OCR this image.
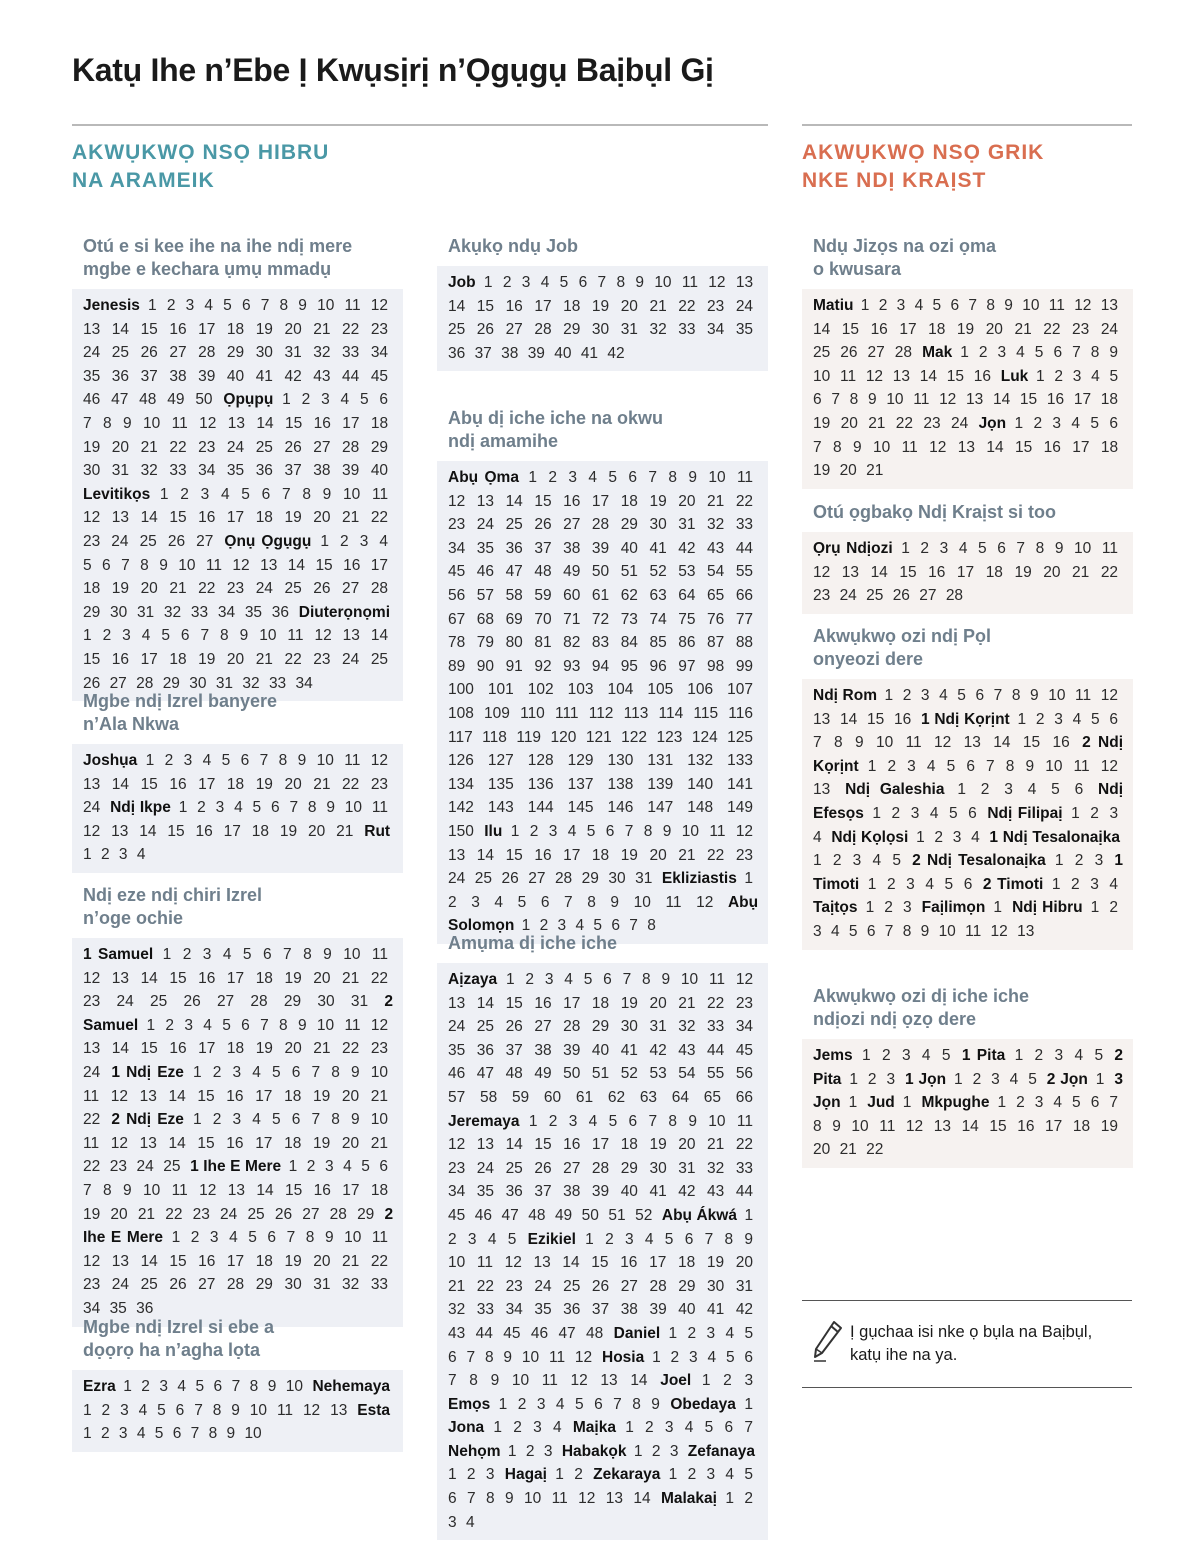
Katụ Ihe n’Ebe Ị Kwụsịrị n’Ọgụgụ Baịbụl Gị
AKWỤKWỌ NSỌ HIBRU
NA ARAMEIK
AKWỤKWỌ NSỌ GRIK
NKE NDỊ KRAỊST
Otú e si kee ihe na ihe ndị mere
mgbe e kechara ụmụ mmadụ
Jenesis 1 2 3 4 5 6 7 8 9 10 11 12 13 14 15 16 17 18 19 20 21 22 23 24 25 26 27 28 29 30 31 32 33 34 35 36 37 38 39 40 41 42 43 44 45 46 47 48 49 50 Ọpụpụ 1 2 3 4 5 6 7 8 9 10 11 12 13 14 15 16 17 18 19 20 21 22 23 24 25 26 27 28 29 30 31 32 33 34 35 36 37 38 39 40 Levitikọs 1 2 3 4 5 6 7 8 9 10 11 12 13 14 15 16 17 18 19 20 21 22 23 24 25 26 27 Ọnụ Ọgụgụ 1 2 3 4 5 6 7 8 9 10 11 12 13 14 15 16 17 18 19 20 21 22 23 24 25 26 27 28 29 30 31 32 33 34 35 36 Diuterọnọmi 1 2 3 4 5 6 7 8 9 10 11 12 13 14 15 16 17 18 19 20 21 22 23 24 25 26 27 28 29 30 31 32 33 34
Mgbe ndị Izrel banyere
n’Ala Nkwa
Joshụa 1 2 3 4 5 6 7 8 9 10 11 12 13 14 15 16 17 18 19 20 21 22 23 24 Ndị Ikpe 1 2 3 4 5 6 7 8 9 10 11 12 13 14 15 16 17 18 19 20 21 Rut 1 2 3 4
Ndị eze ndị chiri Izrel
n’oge ochie
1 Samuel 1 2 3 4 5 6 7 8 9 10 11 12 13 14 15 16 17 18 19 20 21 22 23 24 25 26 27 28 29 30 31 2 Samuel 1 2 3 4 5 6 7 8 9 10 11 12 13 14 15 16 17 18 19 20 21 22 23 24 1 Ndị Eze 1 2 3 4 5 6 7 8 9 10 11 12 13 14 15 16 17 18 19 20 21 22 2 Ndị Eze 1 2 3 4 5 6 7 8 9 10 11 12 13 14 15 16 17 18 19 20 21 22 23 24 25 1 Ihe E Mere 1 2 3 4 5 6 7 8 9 10 11 12 13 14 15 16 17 18 19 20 21 22 23 24 25 26 27 28 29 2 Ihe E Mere 1 2 3 4 5 6 7 8 9 10 11 12 13 14 15 16 17 18 19 20 21 22 23 24 25 26 27 28 29 30 31 32 33 34 35 36
Mgbe ndị Izrel si ebe a
dọọrọ ha n’agha lọta
Ezra 1 2 3 4 5 6 7 8 9 10 Nehemaya 1 2 3 4 5 6 7 8 9 10 11 12 13 Esta 1 2 3 4 5 6 7 8 9 10
Akụkọ ndụ Job
Job 1 2 3 4 5 6 7 8 9 10 11 12 13 14 15 16 17 18 19 20 21 22 23 24 25 26 27 28 29 30 31 32 33 34 35 36 37 38 39 40 41 42
Abụ dị iche iche na okwu
ndị amamihe
Abụ Ọma 1 2 3 4 5 6 7 8 9 10 11 12 13 14 15 16 17 18 19 20 21 22 23 24 25 26 27 28 29 30 31 32 33 34 35 36 37 38 39 40 41 42 43 44 45 46 47 48 49 50 51 52 53 54 55 56 57 58 59 60 61 62 63 64 65 66 67 68 69 70 71 72 73 74 75 76 77 78 79 80 81 82 83 84 85 86 87 88 89 90 91 92 93 94 95 96 97 98 99 100 101 102 103 104 105 106 107 108 109 110 111 112 113 114 115 116 117 118 119 120 121 122 123 124 125 126 127 128 129 130 131 132 133 134 135 136 137 138 139 140 141 142 143 144 145 146 147 148 149 150 Ilu 1 2 3 4 5 6 7 8 9 10 11 12 13 14 15 16 17 18 19 20 21 22 23 24 25 26 27 28 29 30 31 Ekliziastis 1 2 3 4 5 6 7 8 9 10 11 12 Abụ Solomọn 1 2 3 4 5 6 7 8
Amụma dị iche iche
Aịzaya 1 2 3 4 5 6 7 8 9 10 11 12 13 14 15 16 17 18 19 20 21 22 23 24 25 26 27 28 29 30 31 32 33 34 35 36 37 38 39 40 41 42 43 44 45 46 47 48 49 50 51 52 53 54 55 56 57 58 59 60 61 62 63 64 65 66 Jeremaya 1 2 3 4 5 6 7 8 9 10 11 12 13 14 15 16 17 18 19 20 21 22 23 24 25 26 27 28 29 30 31 32 33 34 35 36 37 38 39 40 41 42 43 44 45 46 47 48 49 50 51 52 Abụ Ákwá 1 2 3 4 5 Ezikiel 1 2 3 4 5 6 7 8 9 10 11 12 13 14 15 16 17 18 19 20 21 22 23 24 25 26 27 28 29 30 31 32 33 34 35 36 37 38 39 40 41 42 43 44 45 46 47 48 Daniel 1 2 3 4 5 6 7 8 9 10 11 12 Hosia 1 2 3 4 5 6 7 8 9 10 11 12 13 14 Joel 1 2 3 Emọs 1 2 3 4 5 6 7 8 9 Obedaya 1 Jona 1 2 3 4 Maịka 1 2 3 4 5 6 7 Nehọm 1 2 3 Habakọk 1 2 3 Zefanaya 1 2 3 Hagaị 1 2 Zekaraya 1 2 3 4 5 6 7 8 9 10 11 12 13 14 Malakaị 1 2 3 4
Ndụ Jizọs na ozi ọma
o kwusara
Matiu 1 2 3 4 5 6 7 8 9 10 11 12 13 14 15 16 17 18 19 20 21 22 23 24 25 26 27 28 Mak 1 2 3 4 5 6 7 8 9 10 11 12 13 14 15 16 Luk 1 2 3 4 5 6 7 8 9 10 11 12 13 14 15 16 17 18 19 20 21 22 23 24 Jọn 1 2 3 4 5 6 7 8 9 10 11 12 13 14 15 16 17 18 19 20 21
Otú ọgbakọ Ndị Kraịst si too
Ọrụ Ndịozi 1 2 3 4 5 6 7 8 9 10 11 12 13 14 15 16 17 18 19 20 21 22 23 24 25 26 27 28
Akwụkwọ ozi ndị Pọl
onyeozi dere
Ndị Rom 1 2 3 4 5 6 7 8 9 10 11 12 13 14 15 16 1 Ndị Kọrịnt 1 2 3 4 5 6 7 8 9 10 11 12 13 14 15 16 2 Ndị Kọrịnt 1 2 3 4 5 6 7 8 9 10 11 12 13 Ndị Galeshia 1 2 3 4 5 6 Ndị Efesọs 1 2 3 4 5 6 Ndị Filipaị 1 2 3 4 Ndị Kọlọsi 1 2 3 4 1 Ndị Tesalonaịka 1 2 3 4 5 2 Ndị Tesalonaịka 1 2 3 1 Timoti 1 2 3 4 5 6 2 Timoti 1 2 3 4 Taịtọs 1 2 3 Faịlimọn 1 Ndị Hibru 1 2 3 4 5 6 7 8 9 10 11 12 13
Akwụkwọ ozi dị iche iche
ndịozi ndị ọzọ dere
Jems 1 2 3 4 5 1 Pita 1 2 3 4 5 2 Pita 1 2 3 1 Jọn 1 2 3 4 5 2 Jọn 1 3 Jọn 1 Jud 1 Mkpughe 1 2 3 4 5 6 7 8 9 10 11 12 13 14 15 16 17 18 19 20 21 22
Ị gụchaa isi nke ọ bụla na Baịbụl,
katụ ihe na ya.
